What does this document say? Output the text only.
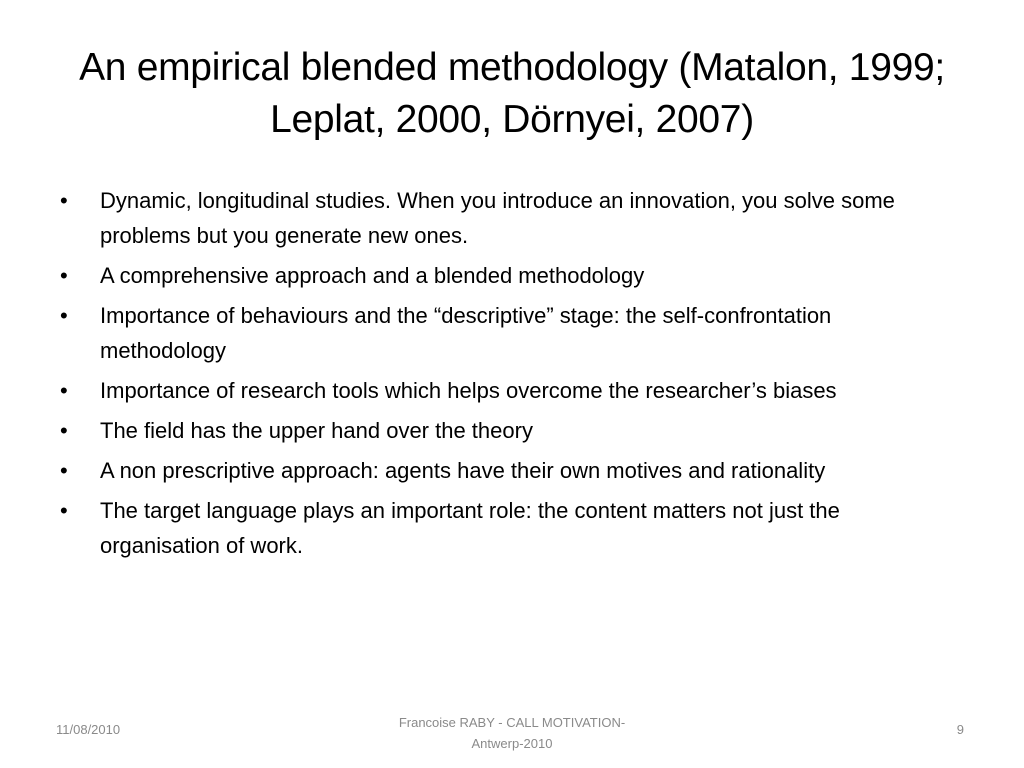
An empirical blended methodology (Matalon, 1999; Leplat, 2000, Dörnyei, 2007)
•	Dynamic, longitudinal studies. When you introduce an innovation, you solve some problems but you generate new ones.
•	A comprehensive approach and a blended methodology
•	Importance of behaviours and the “descriptive” stage: the self-confrontation methodology
•	Importance of research tools which helps overcome the researcher’s biases
•	The field has the upper hand over the theory
•	A non prescriptive approach: agents have their own motives and rationality
•	The target language plays an important role: the content matters not just the organisation of work.
11/08/2010	Francoise RABY - CALL MOTIVATION-
Antwerp-2010
9
